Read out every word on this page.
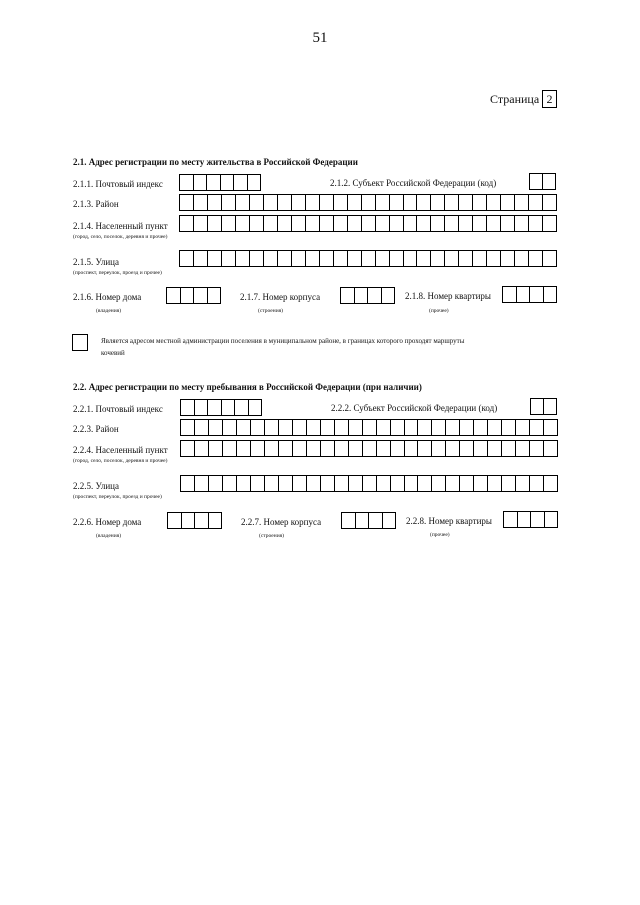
51
Страница 2
2.1. Адрес регистрации по месту жительства в Российской Федерации
2.1.1. Почтовый индекс	2.1.2. Субъект Российской Федерации (код)
2.1.3. Район
2.1.4. Населенный пункт
(город, село, поселок, деревня и прочее)
2.1.5. Улица
(проспект, переулок, проезд и прочее)
2.1.6. Номер дома
(владения)
2.1.7. Номер корпуса
(строения)
2.1.8. Номер квартиры
(прочее)
Является адресом местной администрации поселения в муниципальном районе, в границах которого проходят маршруты
кочевий
2.2. Адрес регистрации по месту пребывания в Российской Федерации (при наличии)
2.2.1. Почтовый индекс	2.2.2. Субъект Российской Федерации (код)
2.2.3. Район
2.2.4. Населенный пункт
(город, село, поселок, деревня и прочее)
2.2.5. Улица
(проспект, переулок, проезд и прочее)
2.2.6. Номер дома
(владения)
2.2.7. Номер корпуса
(строения)
2.2.8. Номер квартиры
(прочее)
